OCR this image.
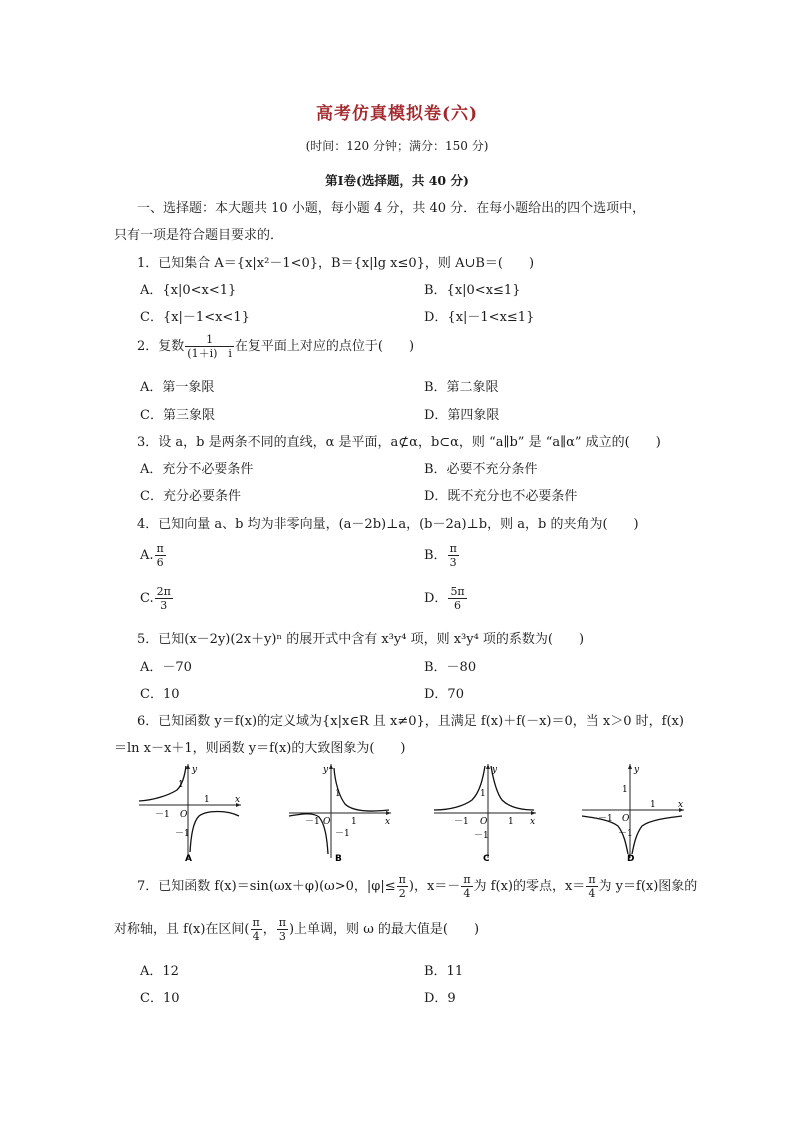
高考仿真模拟卷(六)
(时间：120 分钟；满分：150 分)
第Ⅰ卷(选择题，共 40 分)
一、选择题：本大题共 10 小题，每小题 4 分，共 40 分．在每小题给出的四个选项中，
只有一项是符合题目要求的．
1．已知集合 A＝{x|x²－1<0}，B＝{x|lg x≤0}，则 A∪B＝(　　)
A．{x|0<x<1}	B．{x|0<x≤1}
C．{x|－1<x<1}	D．{x|－1<x≤1}
2．复数 $\frac{1}{(1+i) i}$ 在复平面上对应的点位于(　　)
A．第一象限	B．第二象限
C．第三象限	D．第四象限
3．设 a，b 是两条不同的直线，α 是平面，a⊄α，b⊂α，则 “a∥b” 是 “a∥α” 成立的(　　)
A．充分不必要条件	B．必要不充分条件
C．充分必要条件	D．既不充分也不必要条件
4．已知向量 a、b 均为非零向量，(a－2b)⊥a，(b－2a)⊥b，则 a，b 的夹角为(　　)
A. $\frac{\pi}{6}$	B． $\frac{\pi}{3}$
C. $\frac{2\pi}{3}$	D． $\frac{5\pi}{6}$
5．已知(x－2y)(2x＋y)ⁿ 的展开式中含有 x³y⁴ 项，则 x³y⁴ 项的系数为(　　)
A．－70	B．－80
C．10	D．70
6．已知函数 y＝f(x)的定义域为{x|x∈R 且 x≠0}，且满足 f(x)＋f(－x)＝0，当 x＞0 时，f(x)
＝ln x－x＋1，则函数 y＝f(x)的大致图象为(　　)
y
x
O
1
－1
1
－1
A
y
x
O 1
－1
1
－1
B
y
x
O 1
－1
1
－1
C
y
x
O
1
－1
1
－1
D
7．已知函数 f(x)＝sin(ωx＋φ)(ω>0，$|\varphi|\le \frac{\pi}{2}$ )，$x=- \frac{\pi}{4}$ 为 f(x)的零点，$x= \frac{\pi}{4}$ 为 y＝f(x)图象的
对称轴，且 f(x)在区间( $\frac{\pi}{4}$ ， $\frac{\pi}{3}$ )上单调，则 ω 的最大值是(　　)
A．12	B．11
C．10	D．9
